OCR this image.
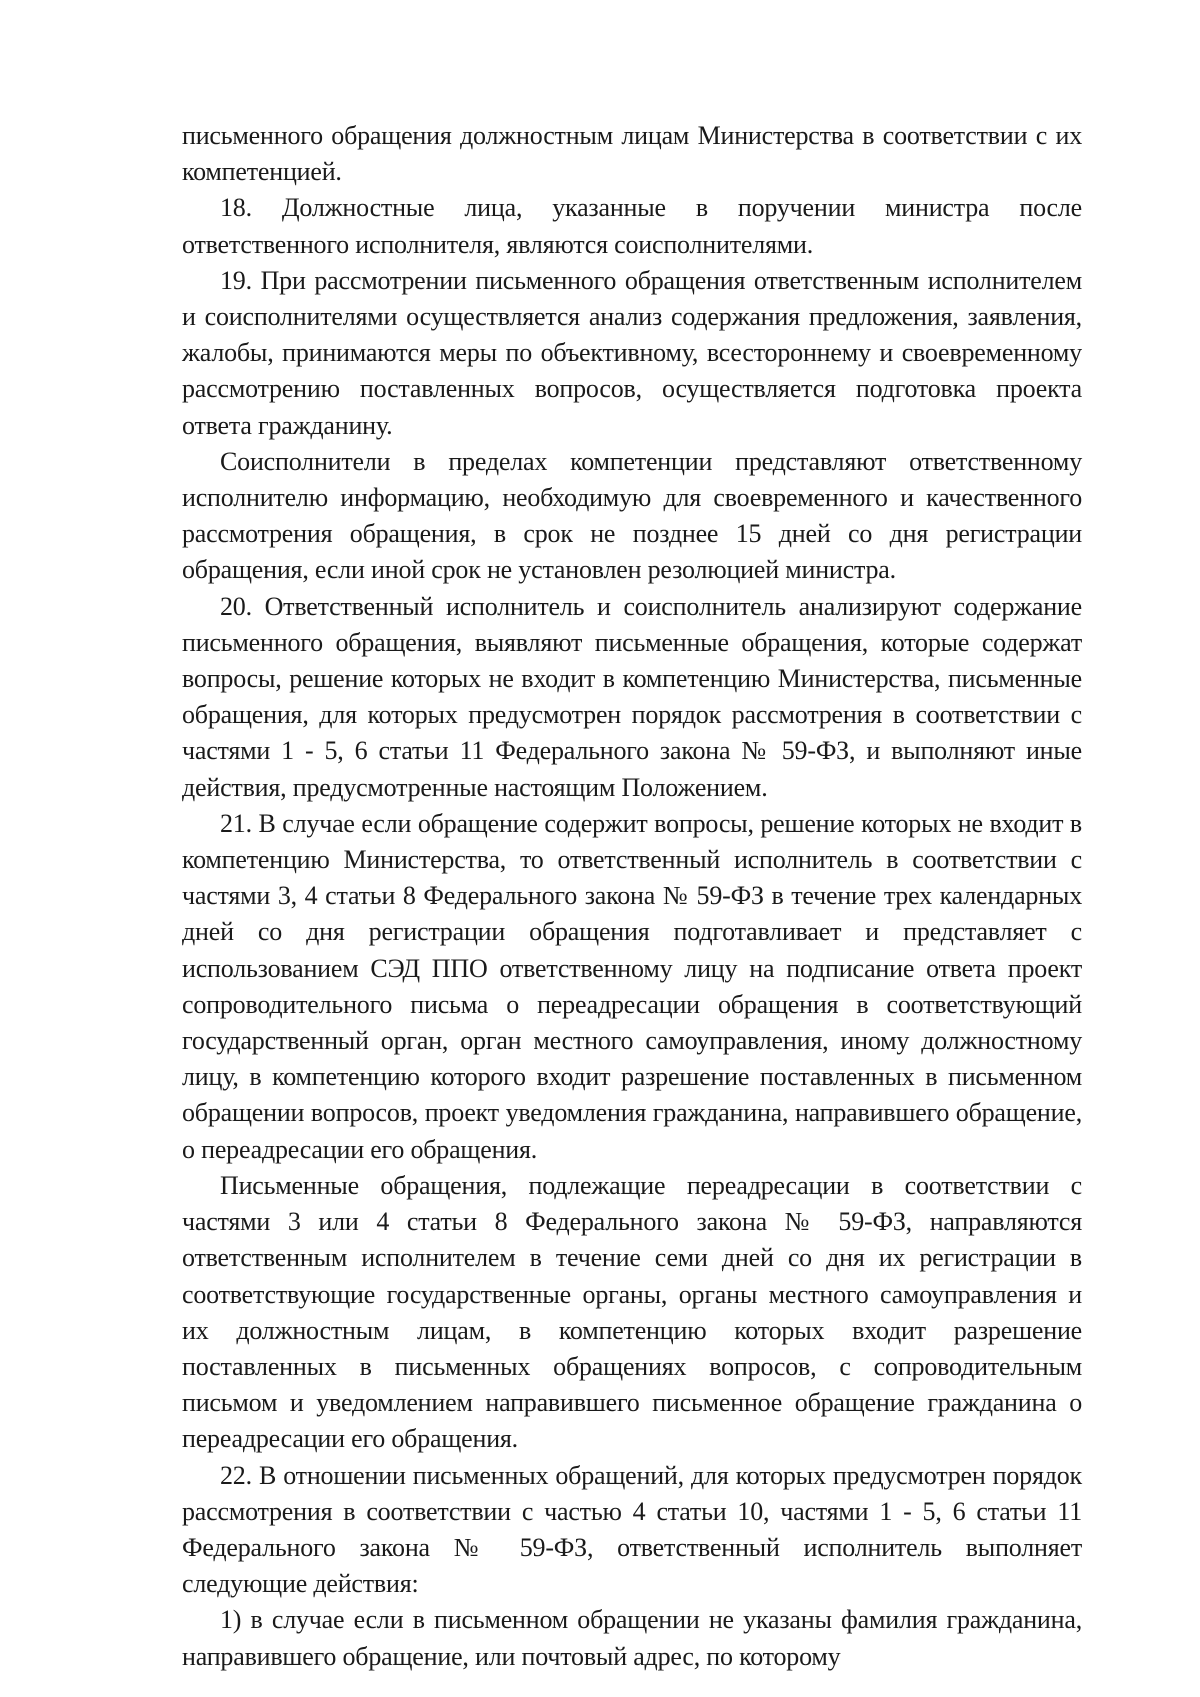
письменного обращения должностным лицам Министерства в соответствии с их компетенцией.

18. Должностные лица, указанные в поручении министра после ответственного исполнителя, являются соисполнителями.

19. При рассмотрении письменного обращения ответственным исполнителем и соисполнителями осуществляется анализ содержания предложения, заявления, жалобы, принимаются меры по объективному, всестороннему и своевременному рассмотрению поставленных вопросов, осуществляется подготовка проекта ответа гражданину.

Соисполнители в пределах компетенции представляют ответственному исполнителю информацию, необходимую для своевременного и качественного рассмотрения обращения, в срок не позднее 15 дней со дня регистрации обращения, если иной срок не установлен резолюцией министра.

20. Ответственный исполнитель и соисполнитель анализируют содержание письменного обращения, выявляют письменные обращения, которые содержат вопросы, решение которых не входит в компетенцию Министерства, письменные обращения, для которых предусмотрен порядок рассмотрения в соответствии с частями 1 - 5, 6 статьи 11 Федерального закона № 59-ФЗ, и выполняют иные действия, предусмотренные настоящим Положением.

21. В случае если обращение содержит вопросы, решение которых не входит в компетенцию Министерства, то ответственный исполнитель в соответствии с частями 3, 4 статьи 8 Федерального закона № 59-ФЗ в течение трех календарных дней со дня регистрации обращения подготавливает и представляет с использованием СЭД ППО ответственному лицу на подписание ответа проект сопроводительного письма о переадресации обращения в соответствующий государственный орган, орган местного самоуправления, иному должностному лицу, в компетенцию которого входит разрешение поставленных в письменном обращении вопросов, проект уведомления гражданина, направившего обращение, о переадресации его обращения.

Письменные обращения, подлежащие переадресации в соответствии с частями 3 или 4 статьи 8 Федерального закона № 59-ФЗ, направляются ответственным исполнителем в течение семи дней со дня их регистрации в соответствующие государственные органы, органы местного самоуправления и их должностным лицам, в компетенцию которых входит разрешение поставленных в письменных обращениях вопросов, с сопроводительным письмом и уведомлением направившего письменное обращение гражданина о переадресации его обращения.

22. В отношении письменных обращений, для которых предусмотрен порядок рассмотрения в соответствии с частью 4 статьи 10, частями 1 - 5, 6 статьи 11 Федерального закона № 59-ФЗ, ответственный исполнитель выполняет следующие действия:

1) в случае если в письменном обращении не указаны фамилия гражданина, направившего обращение, или почтовый адрес, по которому
